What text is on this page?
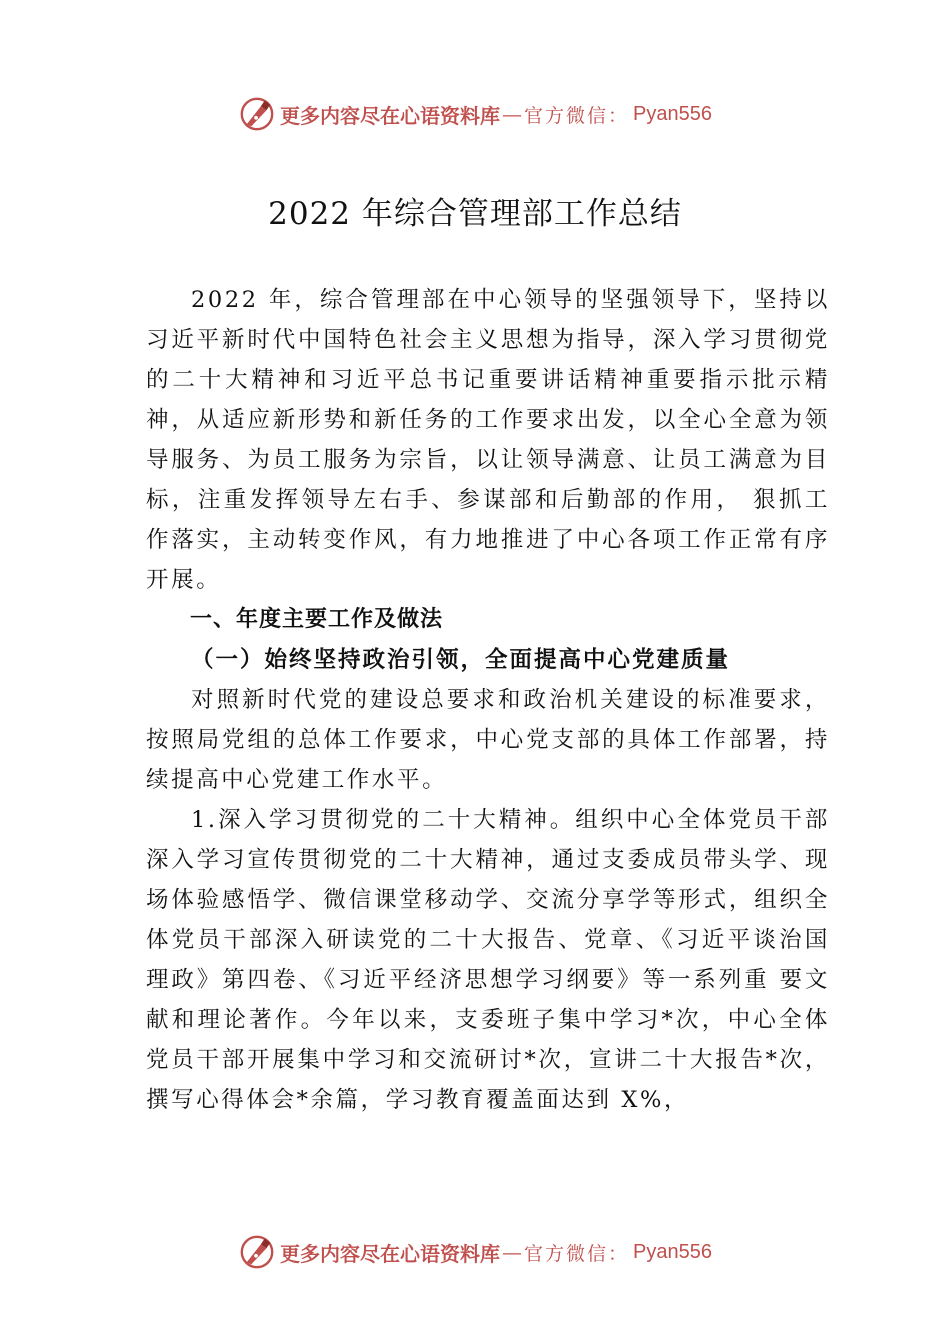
更多内容尽在心语资料库 — 官方微信： Pyan556
2022 年综合管理部工作总结

2022 年，综合管理部在中心领导的坚强领导下，坚持以习近平新时代中国特色社会主义思想为指导，深入学习贯彻党的二十大精神和习近平总书记重要讲话精神重要指示批示精神，从适应新形势和新任务的工作要求出发，以全心全意为领导服务、为员工服务为宗旨，以让领导满意、让员工满意为目标，注重发挥领导左右手、参谋部和后勤部的作用， 狠抓工作落实，主动转变作风，有力地推进了中心各项工作正常有序开展。

一、年度主要工作及做法

（一）始终坚持政治引领，全面提高中心党建质量

对照新时代党的建设总要求和政治机关建设的标准要求，按照局党组的总体工作要求，中心党支部的具体工作部署，持续提高中心党建工作水平。

1.深入学习贯彻党的二十大精神。组织中心全体党员干部深入学习宣传贯彻党的二十大精神，通过支委成员带头学、现场体验感悟学、微信课堂移动学、交流分享学等形式，组织全体党员干部深入研读党的二十大报告、党章、《习近平谈治国理政》第四卷、《习近平经济思想学习纲要》等一系列重 要文献和理论著作。今年以来，支委班子集中学习*次，中心全体党员干部开展集中学习和交流研讨*次，宣讲二十大报告*次，撰写心得体会*余篇，学习教育覆盖面达到 X%，

更多内容尽在心语资料库 — 官方微信： Pyan556
